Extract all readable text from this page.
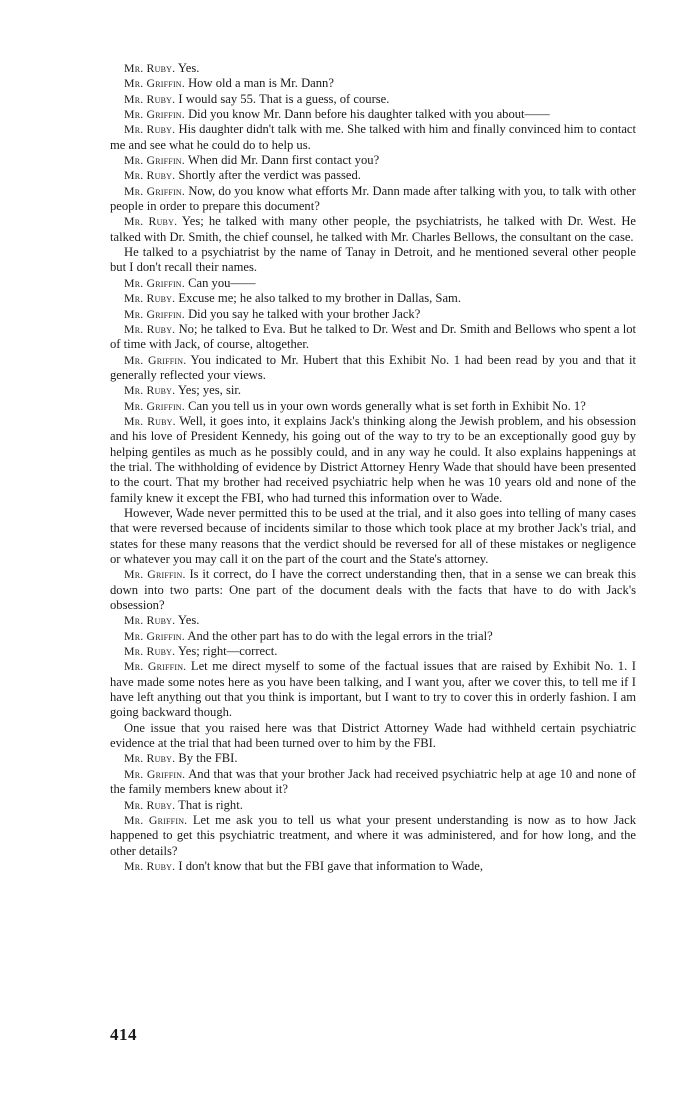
Mr. Ruby. Yes.

Mr. Griffin. How old a man is Mr. Dann?

Mr. Ruby. I would say 55. That is a guess, of course.

Mr. Griffin. Did you know Mr. Dann before his daughter talked with you about——

Mr. Ruby. His daughter didn't talk with me. She talked with him and finally convinced him to contact me and see what he could do to help us.

Mr. Griffin. When did Mr. Dann first contact you?

Mr. Ruby. Shortly after the verdict was passed.

Mr. Griffin. Now, do you know what efforts Mr. Dann made after talking with you, to talk with other people in order to prepare this document?

Mr. Ruby. Yes; he talked with many other people, the psychiatrists, he talked with Dr. West. He talked with Dr. Smith, the chief counsel, he talked with Mr. Charles Bellows, the consultant on the case.

He talked to a psychiatrist by the name of Tanay in Detroit, and he mentioned several other people but I don't recall their names.

Mr. Griffin. Can you——

Mr. Ruby. Excuse me; he also talked to my brother in Dallas, Sam.

Mr. Griffin. Did you say he talked with your brother Jack?

Mr. Ruby. No; he talked to Eva. But he talked to Dr. West and Dr. Smith and Bellows who spent a lot of time with Jack, of course, altogether.

Mr. Griffin. You indicated to Mr. Hubert that this Exhibit No. 1 had been read by you and that it generally reflected your views.

Mr. Ruby. Yes; yes, sir.

Mr. Griffin. Can you tell us in your own words generally what is set forth in Exhibit No. 1?

Mr. Ruby. Well, it goes into, it explains Jack's thinking along the Jewish problem, and his obsession and his love of President Kennedy, his going out of the way to try to be an exceptionally good guy by helping gentiles as much as he possibly could, and in any way he could. It also explains happenings at the trial. The withholding of evidence by District Attorney Henry Wade that should have been presented to the court. That my brother had received psychiatric help when he was 10 years old and none of the family knew it except the FBI, who had turned this information over to Wade.

However, Wade never permitted this to be used at the trial, and it also goes into telling of many cases that were reversed because of incidents similar to those which took place at my brother Jack's trial, and states for these many reasons that the verdict should be reversed for all of these mistakes or negligence or whatever you may call it on the part of the court and the State's attorney.

Mr. Griffin. Is it correct, do I have the correct understanding then, that in a sense we can break this down into two parts: One part of the document deals with the facts that have to do with Jack's obsession?

Mr. Ruby. Yes.

Mr. Griffin. And the other part has to do with the legal errors in the trial?

Mr. Ruby. Yes; right—correct.

Mr. Griffin. Let me direct myself to some of the factual issues that are raised by Exhibit No. 1. I have made some notes here as you have been talking, and I want you, after we cover this, to tell me if I have left anything out that you think is important, but I want to try to cover this in orderly fashion. I am going backward though.

One issue that you raised here was that District Attorney Wade had withheld certain psychiatric evidence at the trial that had been turned over to him by the FBI.

Mr. Ruby. By the FBI.

Mr. Griffin. And that was that your brother Jack had received psychiatric help at age 10 and none of the family members knew about it?

Mr. Ruby. That is right.

Mr. Griffin. Let me ask you to tell us what your present understanding is now as to how Jack happened to get this psychiatric treatment, and where it was administered, and for how long, and the other details?

Mr. Ruby. I don't know that but the FBI gave that information to Wade,

414
